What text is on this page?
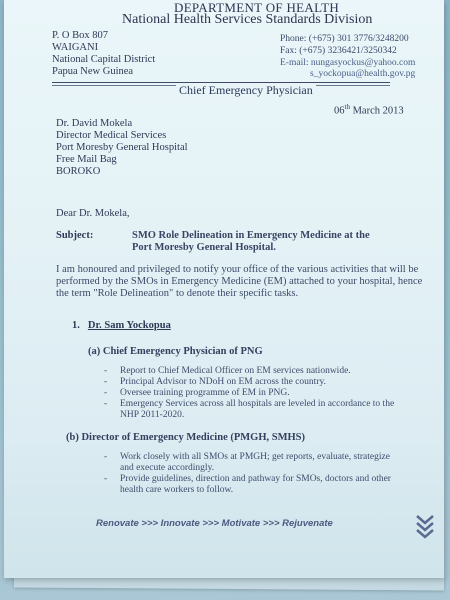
DEPARTMENT OF HEALTH
National Health Services Standards Division
P. O Box 807
WAIGANI
National Capital District
Papua New Guinea
Phone: (+675) 301 3776/3248200
Fax: (+675) 3236421/3250342
E-mail: nungasyockus@yahoo.com
s_yockopua@health.gov.pg
Chief Emergency Physician
06th March 2013
Dr. David Mokela
Director Medical Services
Port Moresby General Hospital
Free Mail Bag
BOROKO
Dear Dr. Mokela,
Subject:	SMO Role Delineation in Emergency Medicine at the
Port Moresby General Hospital.
I am honoured and privileged to notify your office of the various activities that will be
performed by the SMOs in Emergency Medicine (EM) attached to your hospital, hence
the term "Role Delineation" to denote their specific tasks.
1. Dr. Sam Yockopua
(a) Chief Emergency Physician of PNG
- Report to Chief Medical Officer on EM services nationwide.
- Principal Advisor to NDoH on EM across the country.
- Oversee training programme of EM in PNG.
- Emergency Services across all hospitals are leveled in accordance to the
NHP 2011-2020.
(b) Director of Emergency Medicine (PMGH, SMHS)
- Work closely with all SMOs at PMGH; get reports, evaluate, strategize
and execute accordingly.
- Provide guidelines, direction and pathway for SMOs, doctors and other
health care workers to follow.
Renovate >>> Innovate >>> Motivate >>> Rejuvenate
